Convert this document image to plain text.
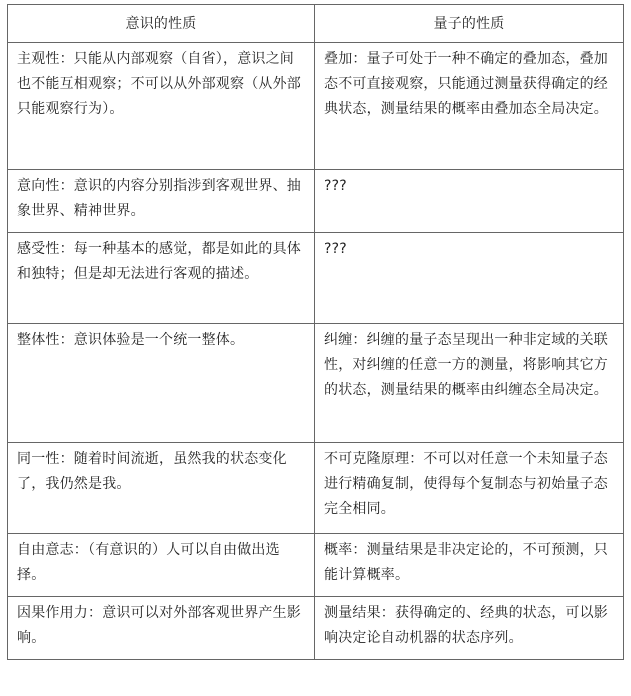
意识的性质	量子的性质
主观性：只能从内部观察（自省），意识之间也不能互相观察；不可以从外部观察（从外部只能观察行为）。	叠加：量子可处于一种不确定的叠加态，叠加态不可直接观察，只能通过测量获得确定的经典状态，测量结果的概率由叠加态全局决定。
意向性：意识的内容分别指涉到客观世界、抽象世界、精神世界。	???
感受性：每一种基本的感觉，都是如此的具体和独特；但是却无法进行客观的描述。	???
整体性：意识体验是一个统一整体。	纠缠：纠缠的量子态呈现出一种非定域的关联性，对纠缠的任意一方的测量，将影响其它方的状态，测量结果的概率由纠缠态全局决定。
同一性：随着时间流逝，虽然我的状态变化了，我仍然是我。	不可克隆原理：不可以对任意一个未知量子态进行精确复制，使得每个复制态与初始量子态完全相同。
自由意志：（有意识的）人可以自由做出选择。	概率：测量结果是非决定论的，不可预测，只能计算概率。
因果作用力：意识可以对外部客观世界产生影响。	测量结果：获得确定的、经典的状态，可以影响决定论自动机器的状态序列。
